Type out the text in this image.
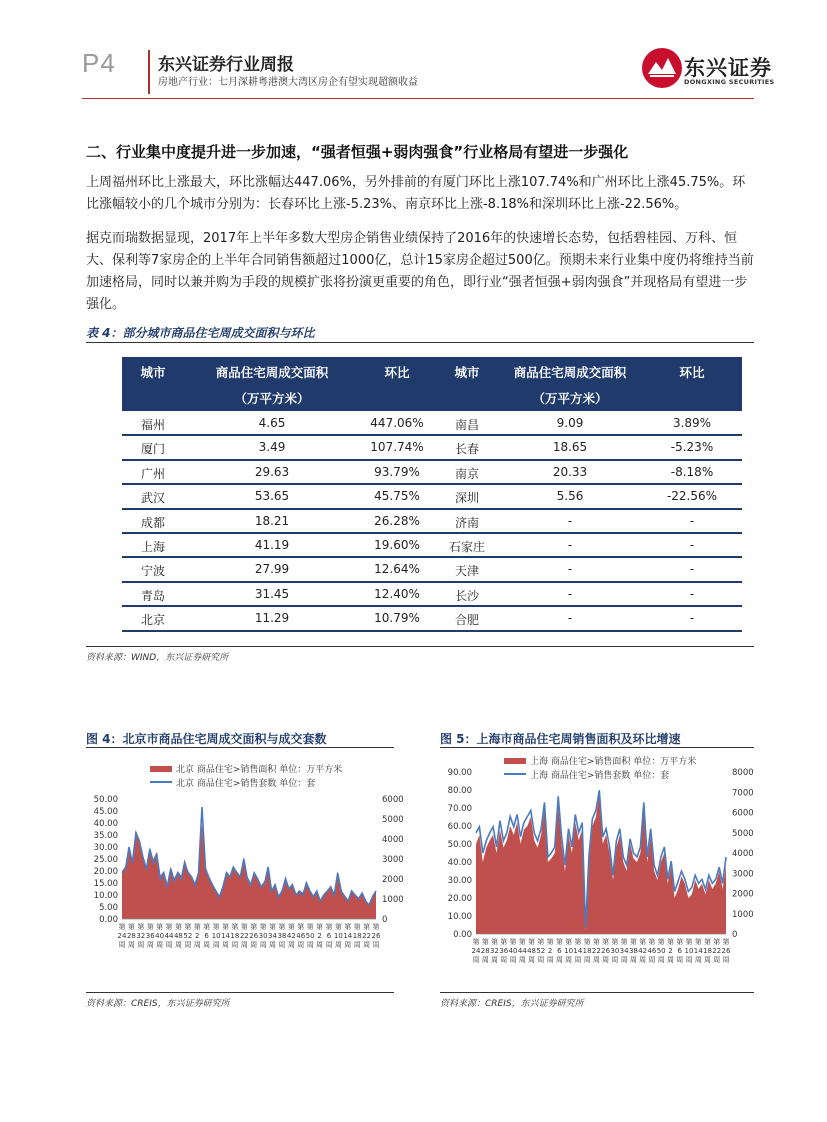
P4 东兴证券行业周报
房地产行业：七月深耕粤港澳大湾区房企有望实现超额收益
东兴证券
DONGXING SECURITIES
二、行业集中度提升进一步加速，“强者恒强+弱肉强食”行业格局有望进一步强化
上周福州环比上涨最大，环比涨幅达447.06%，另外排前的有厦门环比上涨107.74%和广州环比上涨45.75%。环比涨幅较小的几个城市分别为：长春环比上涨-5.23%、南京环比上涨-8.18%和深圳环比上涨-22.56%。
据克而瑞数据显现，2017年上半年多数大型房企销售业绩保持了2016年的快速增长态势，包括碧桂园、万科、恒大、保利等7家房企的上半年合同销售额超过1000亿，总计15家房企超过500亿。预期未来行业集中度仍将维持当前加速格局，同时以兼并购为手段的规模扩张将扮演更重要的角色，即行业“强者恒强+弱肉强食”并现格局有望进一步强化。
表 4：部分城市商品住宅周成交面积与环比
城市	商品住宅周成交面积
（万平方米）
环比	城市	商品住宅周成交面积
（万平方米）
环比
福州	4.65	447.06%	南昌	9.09	3.89%
厦门	3.49	107.74%	长春	18.65	-5.23%
广州	29.63	93.79%	南京	20.33	-8.18%
武汉	53.65	45.75%	深圳	5.56	-22.56%
成都	18.21	26.28%	济南	-	-
上海	41.19	19.60%	石家庄	-	-
宁波	27.99	12.64%	天津	-	-
青岛	31.45	12.40%	长沙	-	-
北京	11.29	10.79%	合肥	-	-
资料来源：WIND，东兴证券研究所
图 4：北京市商品住宅周成交面积与成交套数
北京 商品住宅>销售面积 单位：万平方米
北京 商品住宅>销售套数 单位：套
50.00
45.00
40.00
35.00
30.00
25.00
20.00
15.00
10.00
5.00
0.00
6000
5000
4000
3000
2000
1000
0
第
24
周
第
28
周
第
32
周
第
36
周
第
40
周
第
44
周
第
48
周
第
52
周
第
2
周
第
6
周
第
10
周
第
14
周
第
18
周
第
22
周
第
26
周
第
30
周
第
34
周
第
38
周
第
42
周
第
46
周
第
50
周
第
2
周
第
6
周
第
10
周
第
14
周
第
18
周
第
22
周
第
26
周
资料来源：CREIS，东兴证券研究所
图 5：上海市商品住宅周销售面积及环比增速
上海 商品住宅>销售面积 单位：万平方米
上海 商品住宅>销售套数 单位：套
90.00
80.00
70.00
60.00
50.00
40.00
30.00
20.00
10.00
0.00
8000
7000
6000
5000
4000
3000
2000
1000
0
第
24
周
第
28
周
第
32
周
第
36
周
第
40
周
第
44
周
第
48
周
第
52
周
第
2
周
第
6
周
第
10
周
第
14
周
第
18
周
第
22
周
第
26
周
第
30
周
第
34
周
第
38
周
第
42
周
第
46
周
第
50
周
第
2
周
第
6
周
第
10
周
第
14
周
第
18
周
第
22
周
第
26
周
资料来源：CREIS，东兴证券研究所
